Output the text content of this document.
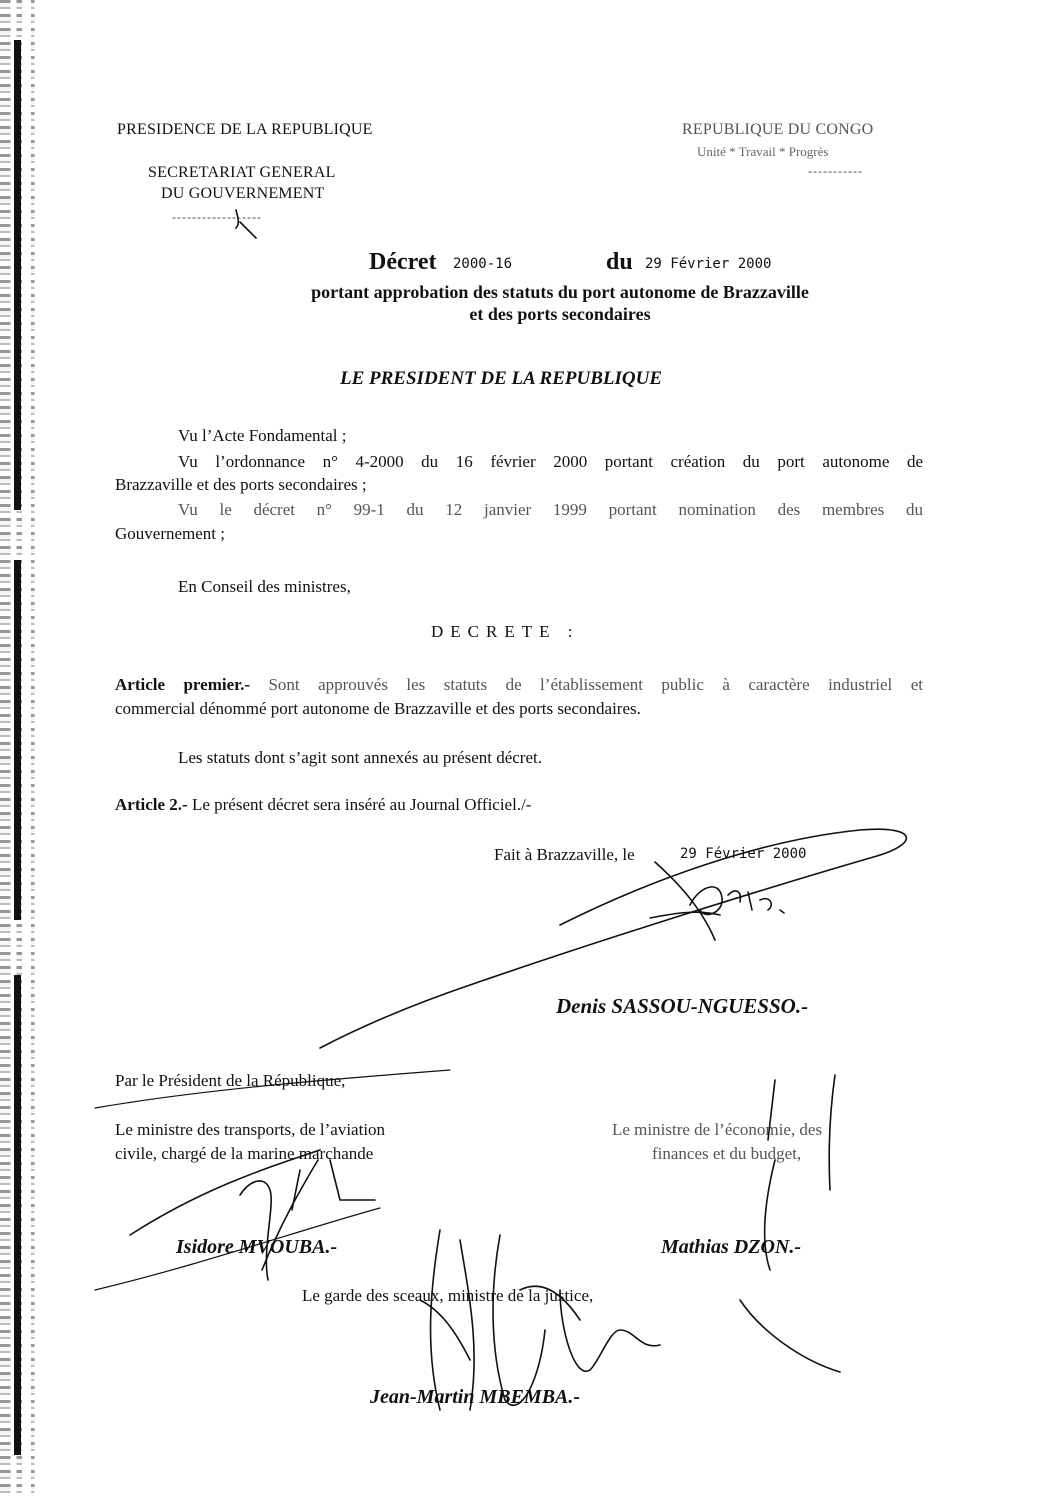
PRESIDENCE DE LA REPUBLIQUE
SECRETARIAT GENERAL
DU GOUVERNEMENT
------------------
REPUBLIQUE DU CONGO
Unité * Travail * Progrès
-----------
Décret 2000-16	du 29 Février 2000
portant approbation des statuts du port autonome de Brazzaville
et des ports secondaires
LE PRESIDENT DE LA REPUBLIQUE
Vu l’Acte Fondamental ;
Vu l’ordonnance n° 4-2000 du 16 février 2000 portant création du port autonome de
Brazzaville et des ports secondaires ;
Vu le décret n° 99-1 du 12 janvier 1999 portant nomination des membres du
Gouvernement ;
En Conseil des ministres,
DECRETE :
Article premier.- Sont approuvés les statuts de l’établissement public à caractère industriel et
commercial dénommé port autonome de Brazzaville et des ports secondaires.
Les statuts dont s’agit sont annexés au présent décret.
Article 2.- Le présent décret sera inséré au Journal Officiel./-
Fait à Brazzaville, le	29 Février 2000
Denis SASSOU-NGUESSO.-
Par le Président de la République,
Le ministre des transports, de l’aviation
civile, chargé de la marine marchande
Isidore MVOUBA.-
Le ministre de l’économie, des
finances et du budget,
Mathias DZON.-
Le garde des sceaux, ministre de la justice,
Jean-Martin MBEMBA.-
